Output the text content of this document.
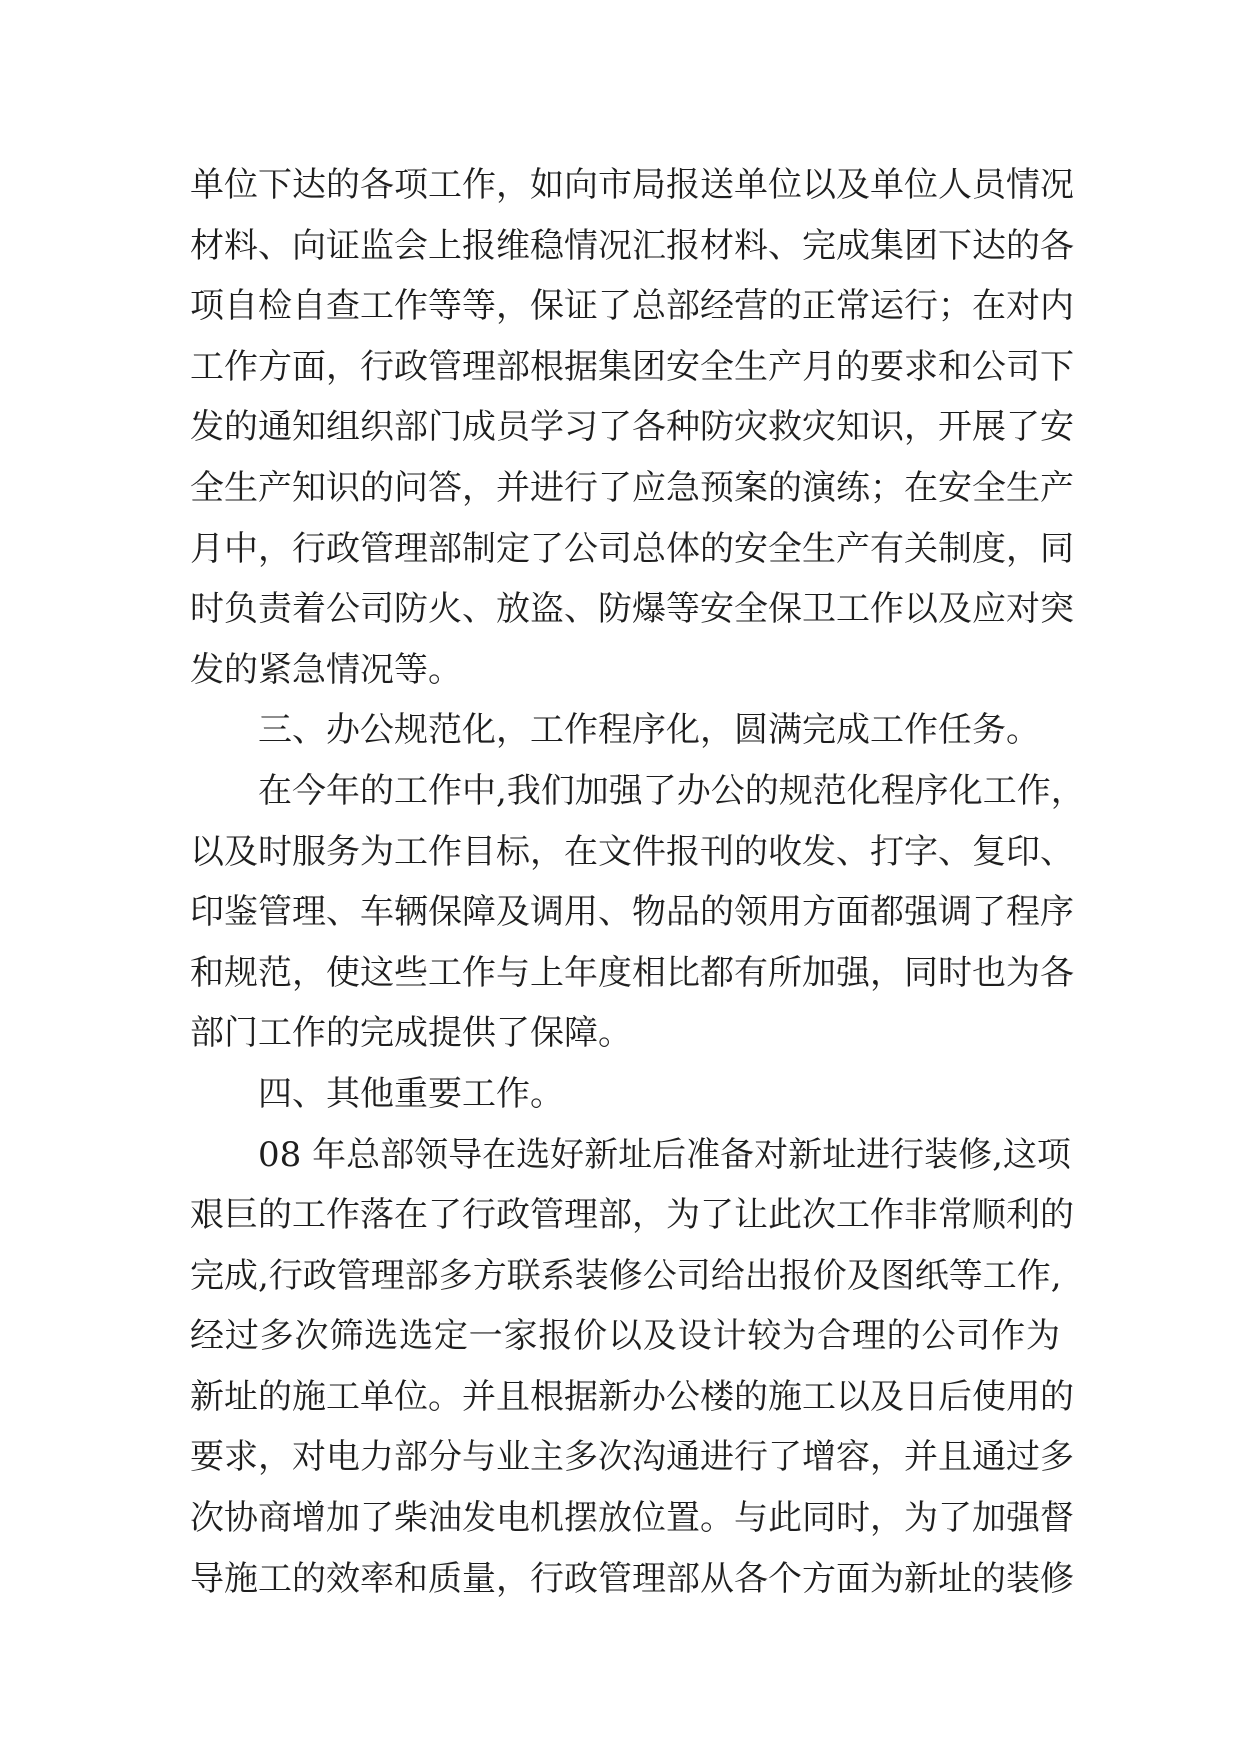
单位下达的各项工作，如向市局报送单位以及单位人员情况
材料、向证监会上报维稳情况汇报材料、完成集团下达的各
项自检自查工作等等，保证了总部经营的正常运行；在对内
工作方面，行政管理部根据集团安全生产月的要求和公司下
发的通知组织部门成员学习了各种防灾救灾知识，开展了安
全生产知识的问答，并进行了应急预案的演练；在安全生产
月中，行政管理部制定了公司总体的安全生产有关制度，同
时负责着公司防火、放盗、防爆等安全保卫工作以及应对突
发的紧急情况等。
三、办公规范化，工作程序化，圆满完成工作任务。
在今年的工作中,我们加强了办公的规范化程序化工作，
以及时服务为工作目标，在文件报刊的收发、打字、复印、
印鉴管理、车辆保障及调用、物品的领用方面都强调了程序
和规范，使这些工作与上年度相比都有所加强，同时也为各
部门工作的完成提供了保障。
四、其他重要工作。
08 年总部领导在选好新址后准备对新址进行装修,这项
艰巨的工作落在了行政管理部，为了让此次工作非常顺利的
完成,行政管理部多方联系装修公司给出报价及图纸等工作,
经过多次筛选选定一家报价以及设计较为合理的公司作为
新址的施工单位。并且根据新办公楼的施工以及日后使用的
要求，对电力部分与业主多次沟通进行了增容，并且通过多
次协商增加了柴油发电机摆放位置。与此同时，为了加强督
导施工的效率和质量，行政管理部从各个方面为新址的装修
